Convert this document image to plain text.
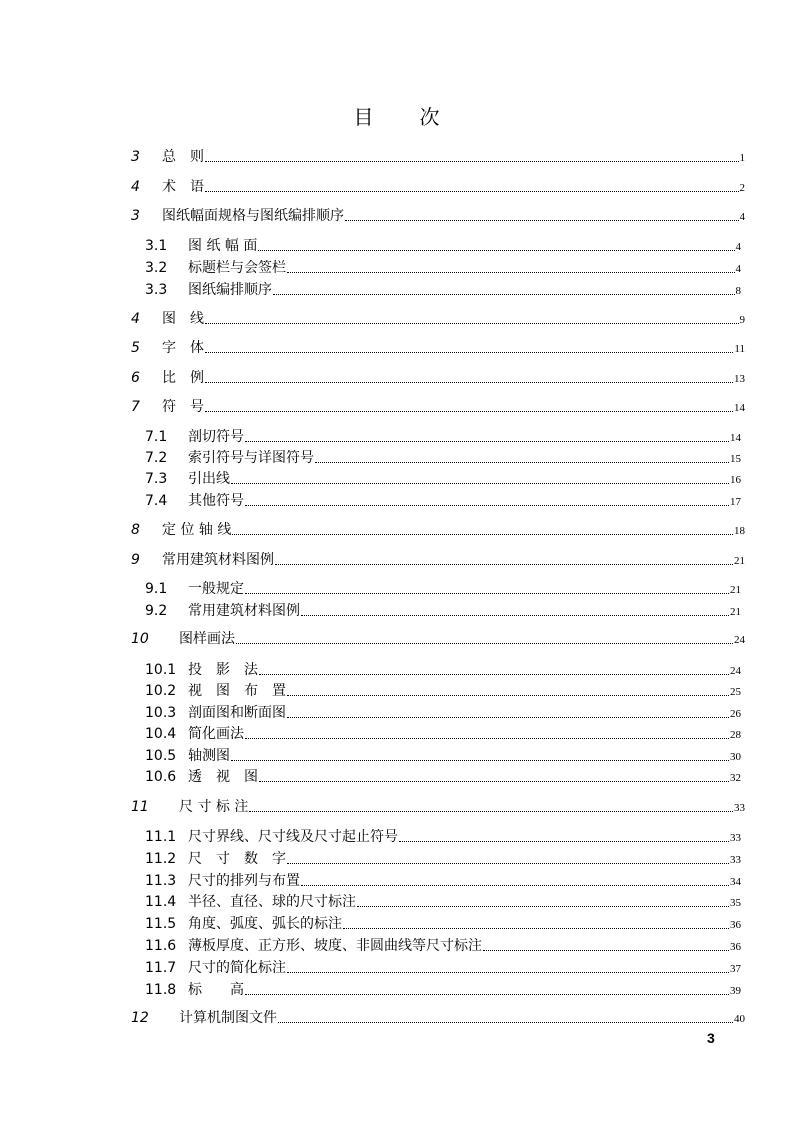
目 次
3	总　则	1
4	术　语	2
3	图纸幅面规格与图纸编排顺序	4
3.1	图 纸 幅 面	4
3.2	标题栏与会签栏	4
3.3	图纸编排顺序	8
4	图　线	9
5	字　体	11
6	比　例	13
7	符　号	14
7.1	剖切符号	14
7.2	索引符号与详图符号	15
7.3	引出线	16
7.4	其他符号	17
8	定 位 轴 线	18
9	常用建筑材料图例	21
9.1	一般规定	21
9.2	常用建筑材料图例	21
10	图样画法	24
10.1 投　影　法	24
10.2 视　图　布　置	25
10.3 剖面图和断面图	26
10.4 简化画法	28
10.5 轴测图	30
10.6 透　视　图	32
11	尺 寸 标 注	33
11.1 尺寸界线、尺寸线及尺寸起止符号	33
11.2 尺　寸　数　字	33
11.3 尺寸的排列与布置	34
11.4 半径、直径、球的尺寸标注	35
11.5 角度、弧度、弧长的标注	36
11.6 薄板厚度、正方形、坡度、非圆曲线等尺寸标注	36
11.7 尺寸的简化标注	37
11.8 标　　高	39
12	计算机制图文件	40
3
